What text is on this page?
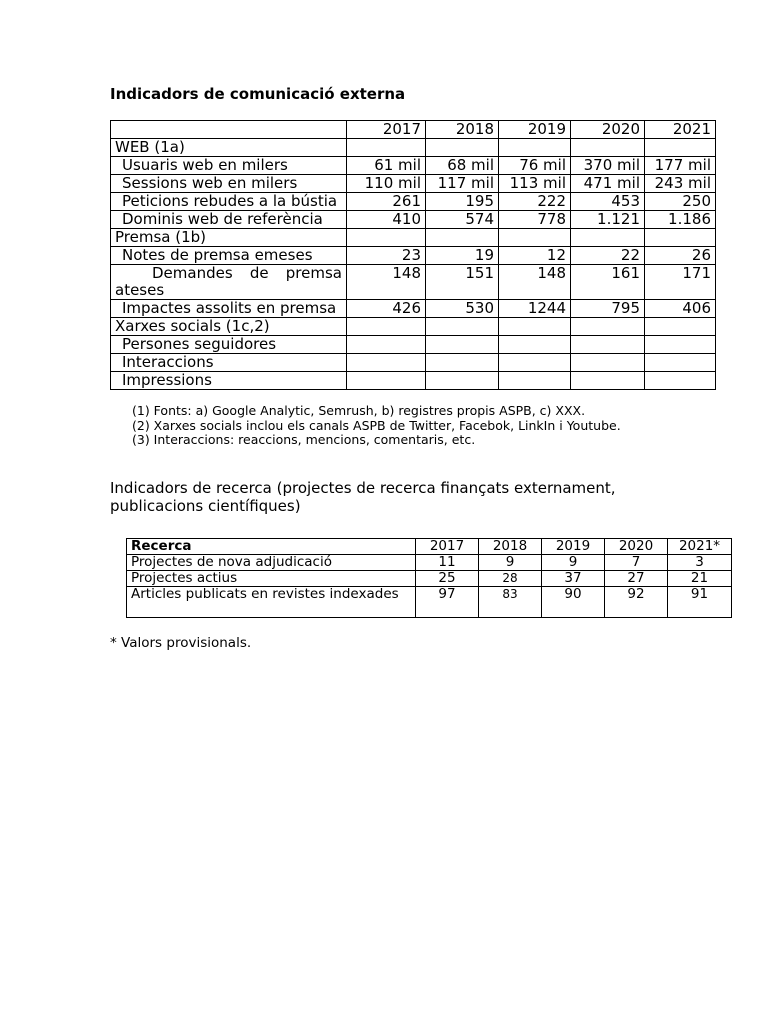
Indicadors de comunicació externa
	2017	2018	2019	2020	2021
WEB (1a)					
Usuaris web en milers	61 mil	68 mil	76 mil	370 mil	177 mil
Sessions web en milers	110 mil	117 mil	113 mil	471 mil	243 mil
Peticions rebudes a la bústia	261	195	222	453	250
Dominis web de referència	410	574	778	1.121	1.186
Premsa (1b)					
Notes de premsa emeses	23	19	12	22	26

Demandes de premsa
ateses	148	151	148	161	171
Impactes assolits en premsa	426	530	1244	795	406
Xarxes socials (1c,2)					
Persones seguidores					
Interaccions					
Impressions					
(1) Fonts: a) Google Analytic, Semrush, b) registres propis ASPB, c) XXX.
(2) Xarxes socials inclou els canals ASPB de Twitter, Facebok, LinkIn i Youtube.
(3) Interaccions: reaccions, mencions, comentaris, etc.
Indicadors de recerca (projectes de recerca finançats externament, publicacions científiques)
Recerca	2017	2018	2019	2020	2021*
Projectes de nova adjudicació	11	9	9	7	3
Projectes actius	25	28	37	27	21
Articles publicats en revistes indexades	97	83	90	92	91
* Valors provisionals.
